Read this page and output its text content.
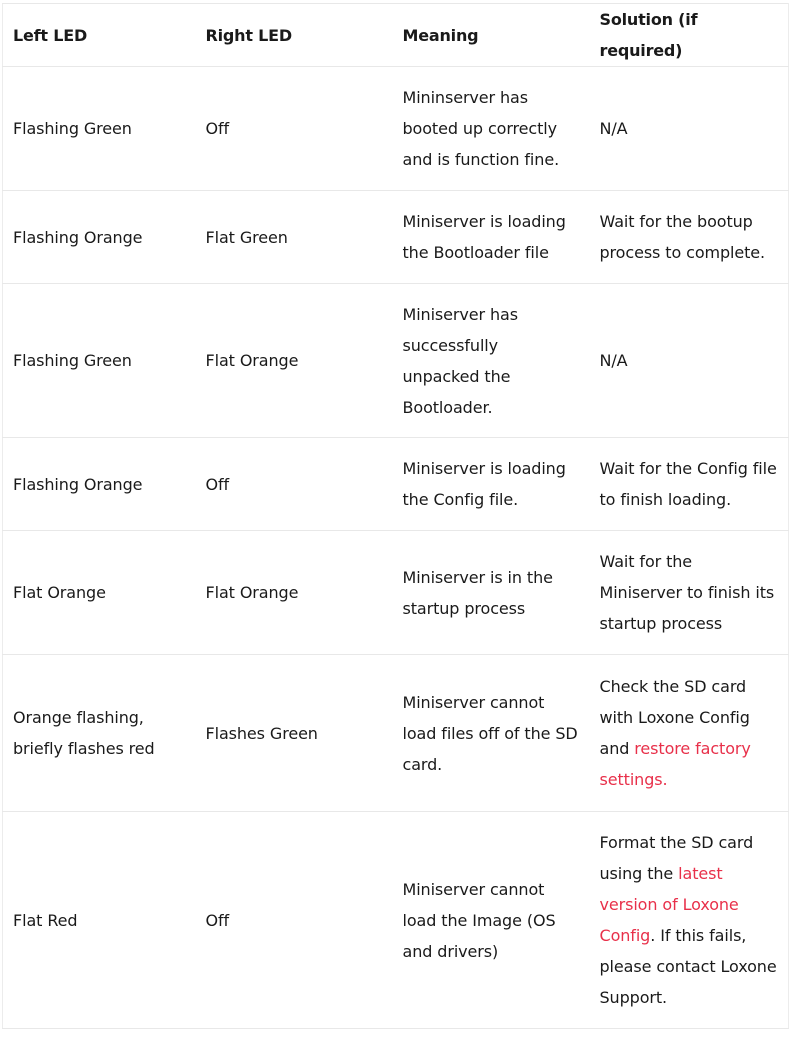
Left LED	Right LED	Meaning	Solution (if required)
Flashing Green	Off	Mininserver has booted up correctly and is function fine.	N/A
Flashing Orange	Flat Green	Miniserver is loading the Bootloader file	Wait for the bootup process to complete.
Flashing Green	Flat Orange	Miniserver has successfully unpacked the Bootloader.	N/A
Flashing Orange	Off	Miniserver is loading the Config file.	Wait for the Config file to finish loading.
Flat Orange	Flat Orange	Miniserver is in the startup process	Wait for the Miniserver to finish its startup process
Orange flashing, briefly flashes red	Flashes Green	Miniserver cannot load files off of the SD card.	Check the SD card with Loxone Config and restore factory settings.
Flat Red	Off	Miniserver cannot load the Image (OS and drivers)	Format the SD card using the latest version of Loxone Config. If this fails, please contact Loxone Support.
